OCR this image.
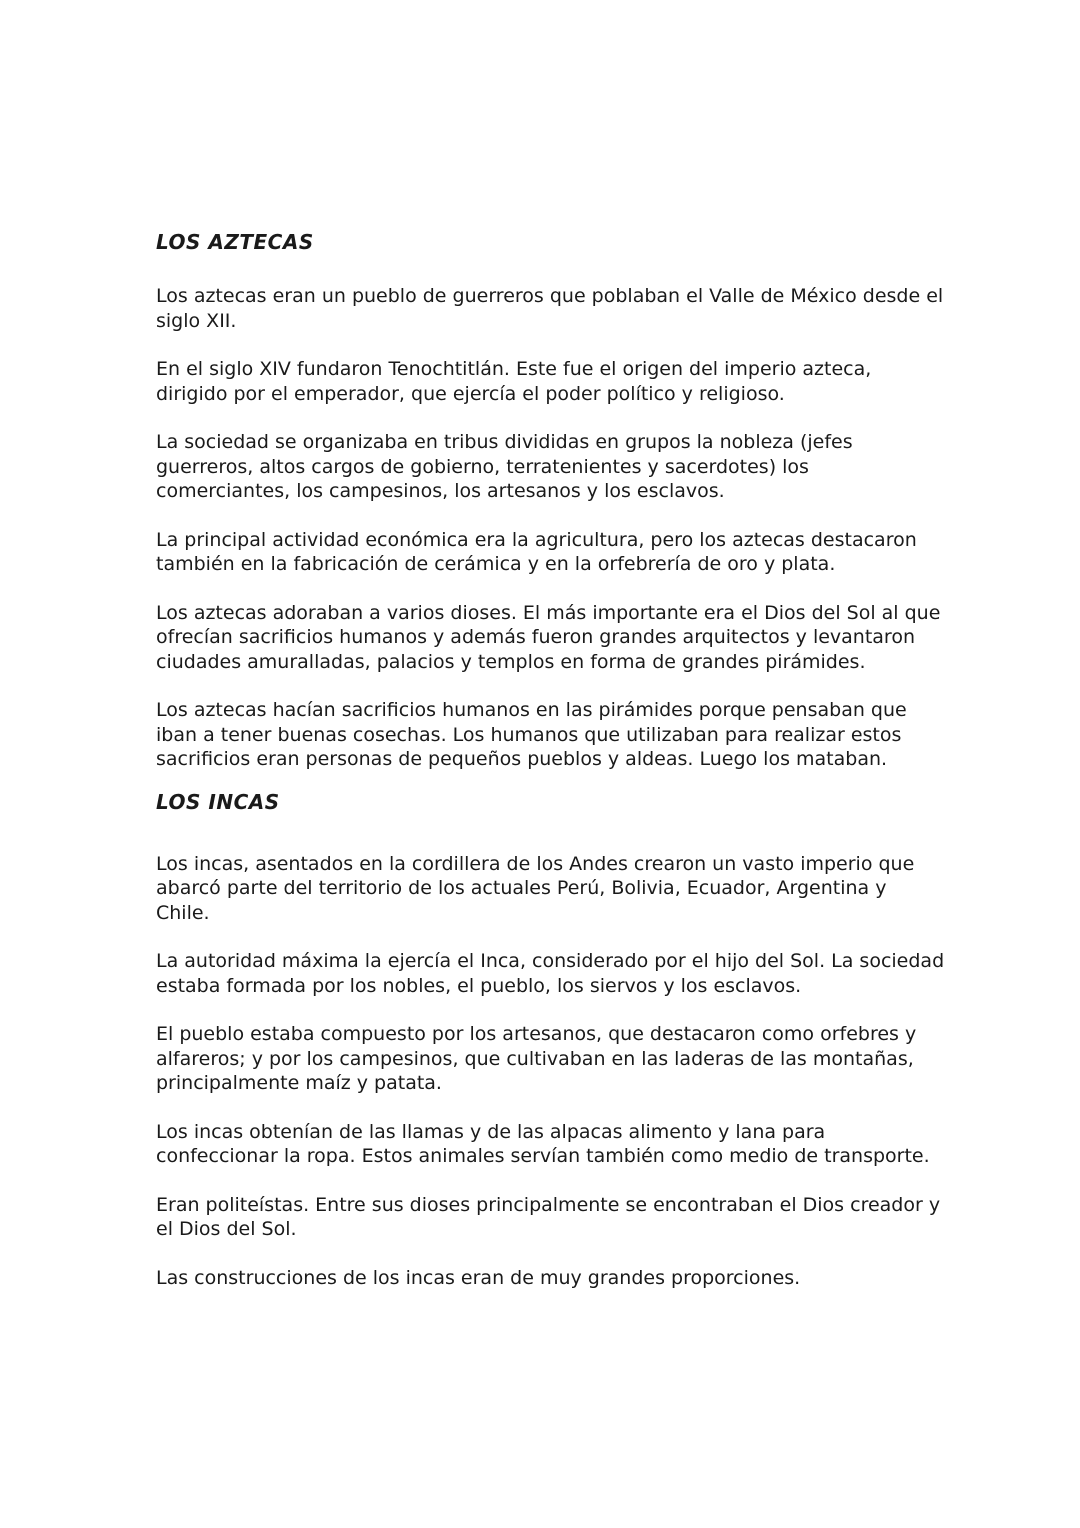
LOS AZTECAS

Los aztecas eran un pueblo de guerreros que poblaban el Valle de México desde el siglo XII.

En el siglo XIV fundaron Tenochtitlán. Este fue el origen del imperio azteca, dirigido por el emperador, que ejercía el poder político y religioso.

La sociedad se organizaba en tribus divididas en grupos la nobleza (jefes guerreros, altos cargos de gobierno, terratenientes y sacerdotes) los comerciantes, los campesinos, los artesanos y los esclavos.

La principal actividad económica era la agricultura, pero los aztecas destacaron también en la fabricación de cerámica y en la orfebrería de oro y plata.

Los aztecas adoraban a varios dioses. El más importante era el Dios del Sol al que ofrecían sacrificios humanos y además fueron grandes arquitectos y levantaron ciudades amuralladas, palacios y templos en forma de grandes pirámides.

Los aztecas hacían sacrificios humanos en las pirámides porque pensaban que iban a tener buenas cosechas. Los humanos que utilizaban para realizar estos sacrificios eran personas de pequeños pueblos y aldeas. Luego los mataban.

LOS INCAS

Los incas, asentados en la cordillera de los Andes crearon un vasto imperio que abarcó parte del territorio de los actuales Perú, Bolivia, Ecuador, Argentina y Chile.

La autoridad máxima la ejercía el Inca, considerado por el hijo del Sol. La sociedad estaba formada por los nobles, el pueblo, los siervos y los esclavos.

El pueblo estaba compuesto por los artesanos, que destacaron como orfebres y alfareros; y por los campesinos, que cultivaban en las laderas de las montañas, principalmente maíz y patata.

Los incas obtenían de las llamas y de las alpacas alimento y lana para confeccionar la ropa. Estos animales servían también como medio de transporte.

Eran politeístas. Entre sus dioses principalmente se encontraban el Dios creador y el Dios del Sol.

Las construcciones de los incas eran de muy grandes proporciones.
